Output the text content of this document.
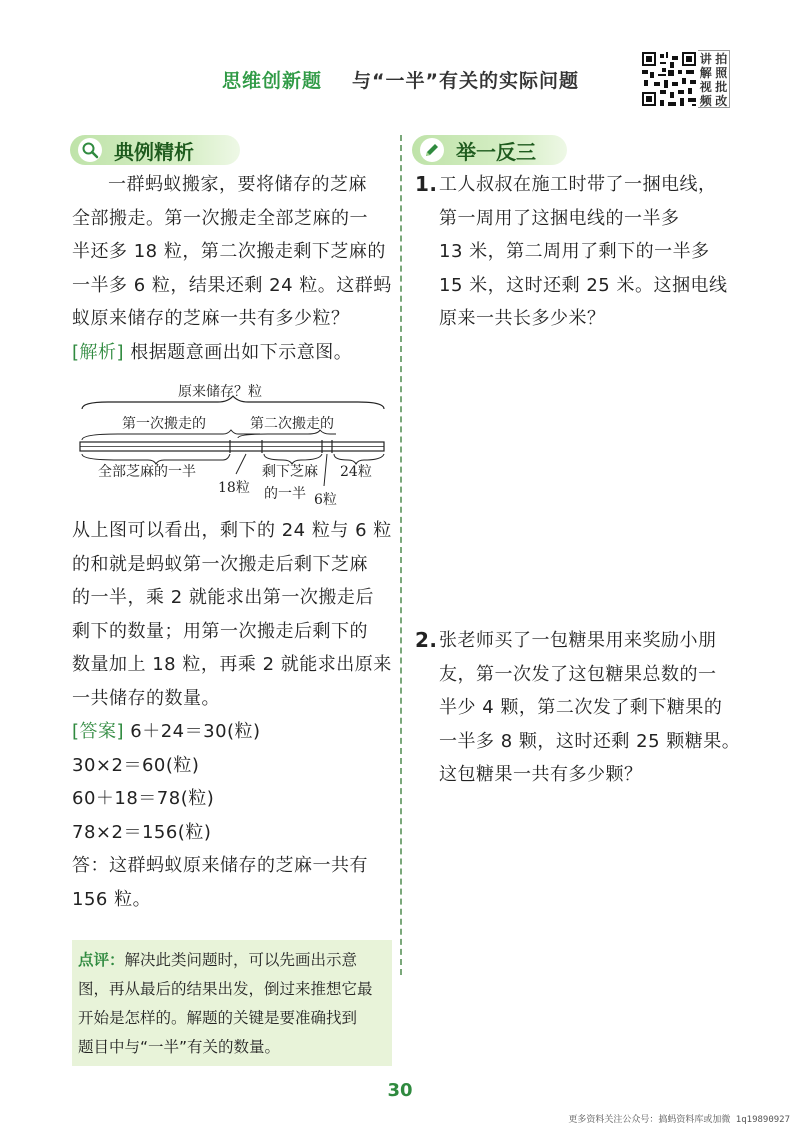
思维创新题 与“一半”有关的实际问题
讲 拍
解 照
视 批
频 改
典例精析
一群蚂蚁搬家，要将储存的芝麻
全部搬走。第一次搬走全部芝麻的一
半还多 18 粒，第二次搬走剩下芝麻的
一半多 6 粒，结果还剩 24 粒。这群蚂
蚁原来储存的芝麻一共有多少粒？
[解析] 根据题意画出如下示意图。
原来储存？粒
第一次搬走的	第二次搬走的
全部芝麻的一半	剩下芝麻 24粒
18粒 的一半 6粒
从上图可以看出，剩下的 24 粒与 6 粒
的和就是蚂蚁第一次搬走后剩下芝麻
的一半，乘 2 就能求出第一次搬走后
剩下的数量；用第一次搬走后剩下的
数量加上 18 粒，再乘 2 就能求出原来
一共储存的数量。
[答案] 6＋24＝30(粒)
30×2＝60(粒)
60＋18＝78(粒)
78×2＝156(粒)
答：这群蚂蚁原来储存的芝麻一共有
156 粒。
点评：解决此类问题时，可以先画出示意
图，再从最后的结果出发，倒过来推想它最
开始是怎样的。解题的关键是要准确找到
题目中与“一半”有关的数量。
举一反三
1. 工人叔叔在施工时带了一捆电线，
第一周用了这捆电线的一半多
13 米，第二周用了剩下的一半多
15 米，这时还剩 25 米。这捆电线
原来一共长多少米？
2. 张老师买了一包糖果用来奖励小朋
友，第一次发了这包糖果总数的一
半少 4 颗，第二次发了剩下糖果的
一半多 8 颗，这时还剩 25 颗糖果。
这包糖果一共有多少颗？
30
更多资料关注公众号：搞蚂资料库或加微 1q19890927
